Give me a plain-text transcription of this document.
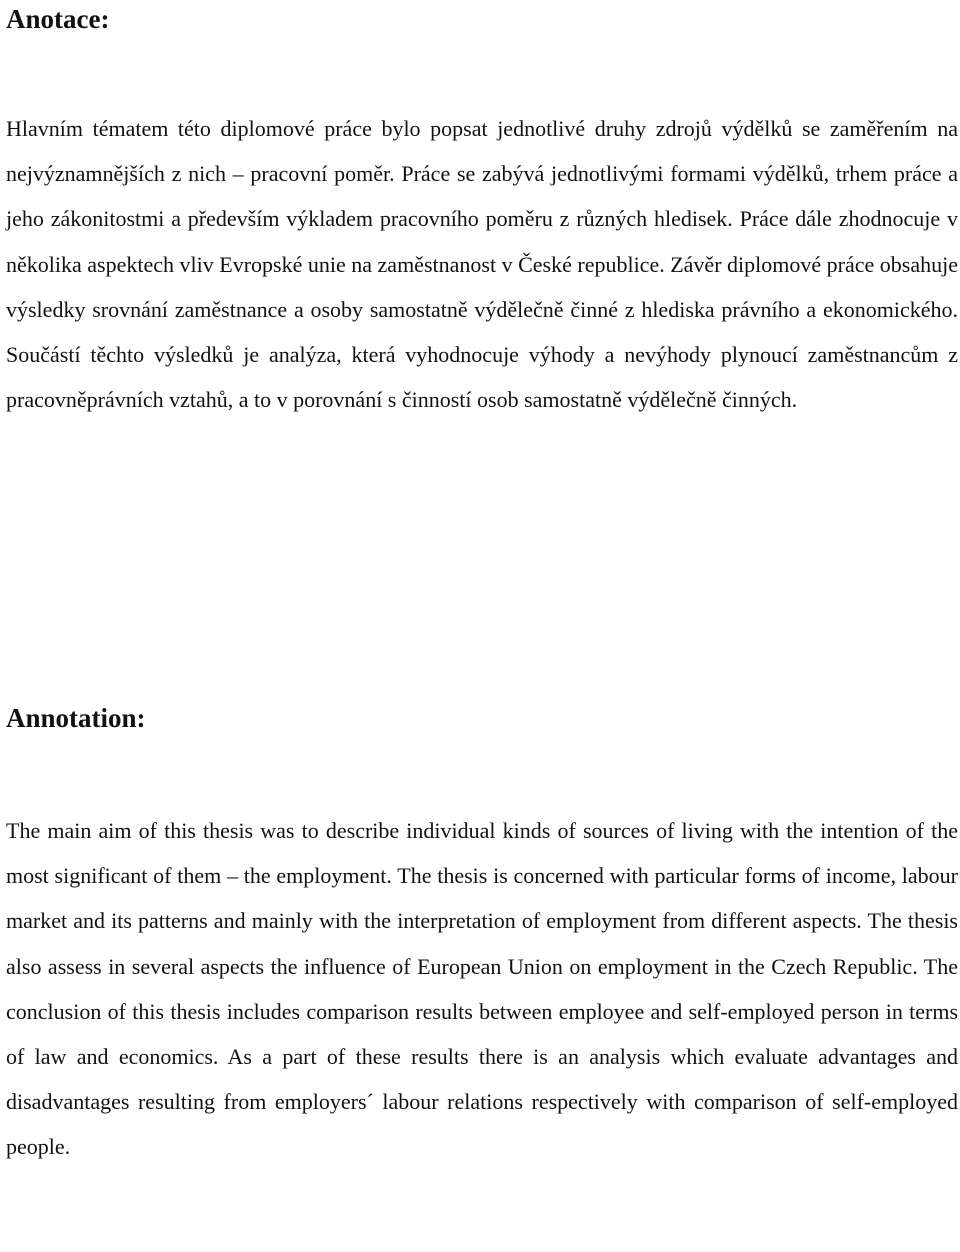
Anotace:

Hlavním tématem této diplomové práce bylo popsat jednotlivé druhy zdrojů výdělků se zaměřením na nejvýznamnějších z nich – pracovní poměr. Práce se zabývá jednotlivými formami výdělků, trhem práce a jeho zákonitostmi a především výkladem pracovního poměru z různých hledisek. Práce dále zhodnocuje v několika aspektech vliv Evropské unie na zaměstnanost v České republice. Závěr diplomové práce obsahuje výsledky srovnání zaměstnance a osoby samostatně výdělečně činné z hlediska právního a ekonomického. Součástí těchto výsledků je analýza, která vyhodnocuje výhody a nevýhody plynoucí zaměstnancům z pracovněprávních vztahů, a to v porovnání s činností osob samostatně výdělečně činných.

Annotation:

The main aim of this thesis was to describe individual kinds of sources of living with the intention of the most significant of them – the employment. The thesis is concerned with particular forms of income, labour market and its patterns and mainly with the interpretation of employment from different aspects. The thesis also assess in several aspects the influence of European Union on employment in the Czech Republic. The conclusion of this thesis includes comparison results between employee and self-employed person in terms of law and economics. As a part of these results there is an analysis which evaluate advantages and disadvantages resulting from employers´ labour relations respectively with comparison of self-employed people.
